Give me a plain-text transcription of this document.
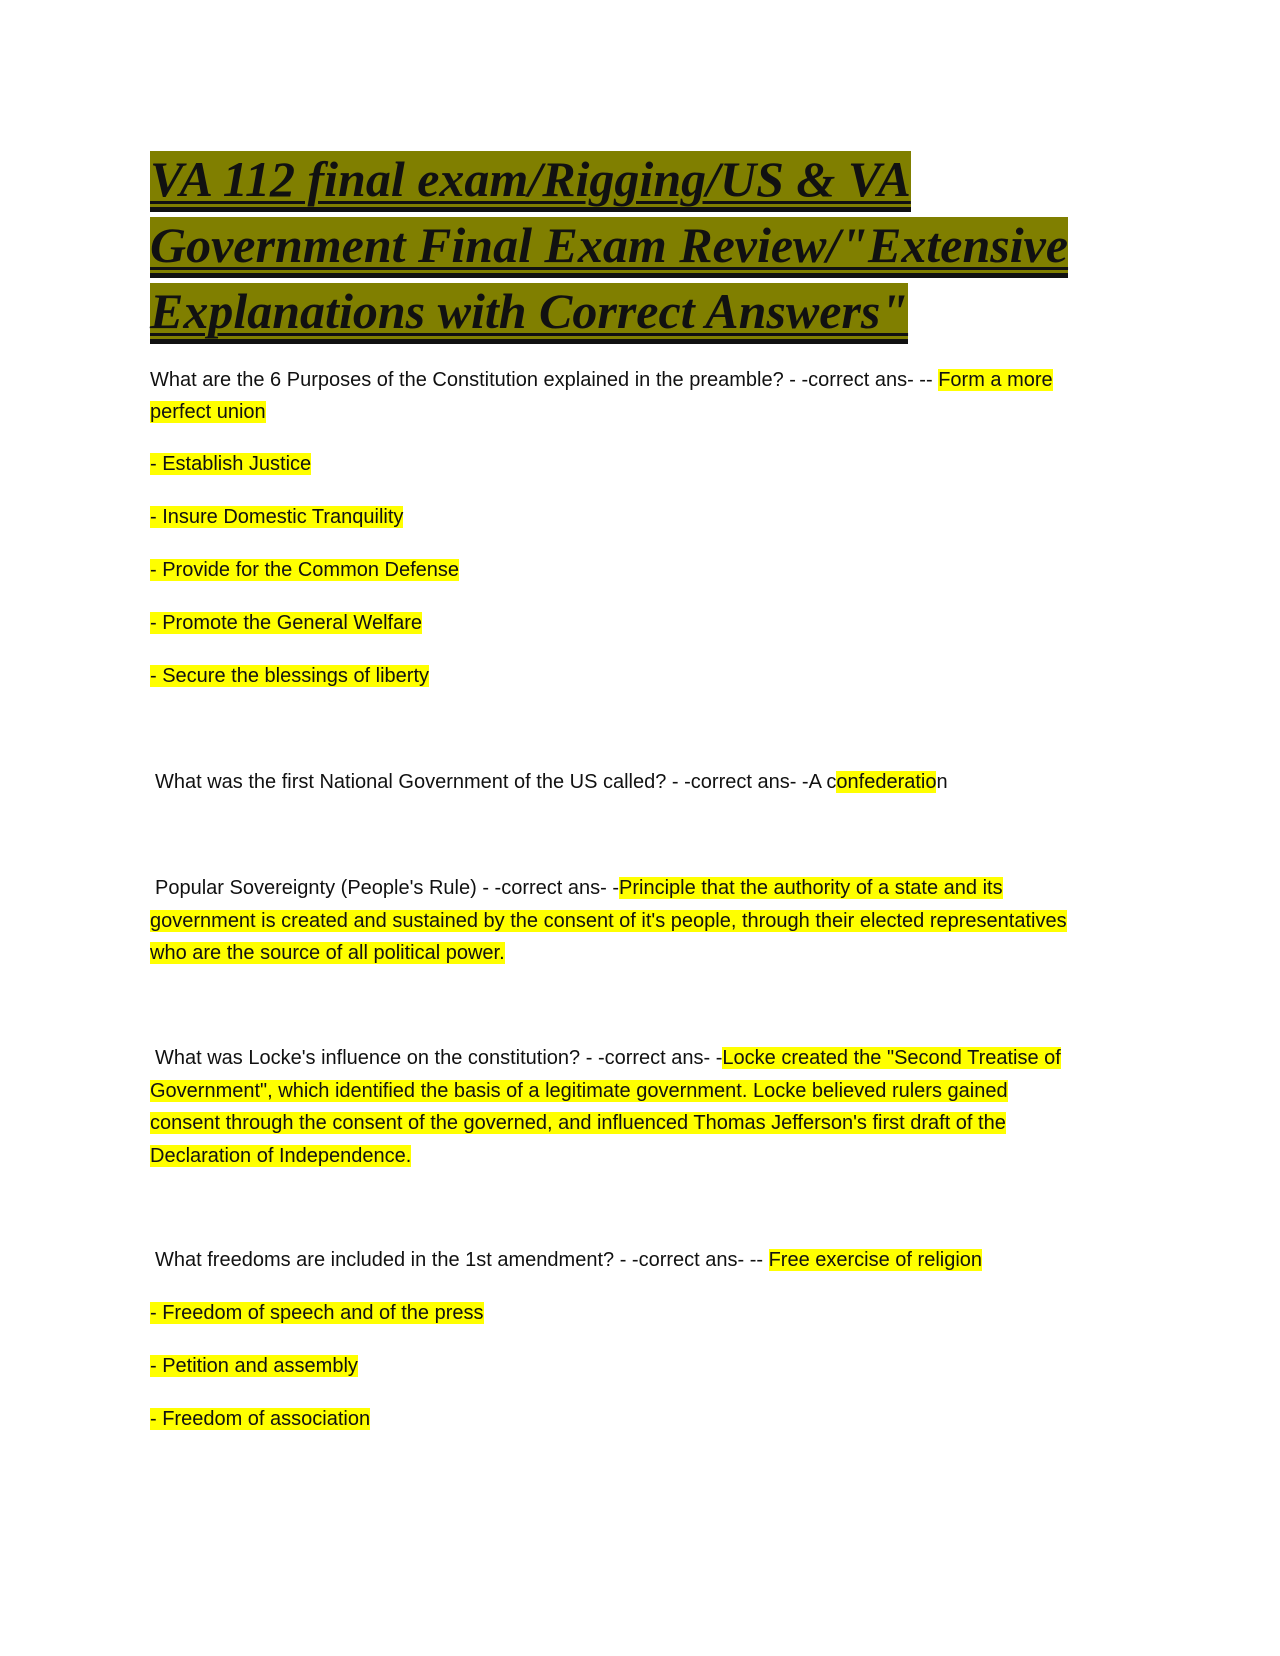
VA 112 final exam/Rigging/US & VA
Government Final Exam Review/"Extensive
Explanations with Correct Answers"

What are the 6 Purposes of the Constitution explained in the preamble? - -correct ans- -- Form a more

perfect union

- Establish Justice

- Insure Domestic Tranquility

- Provide for the Common Defense

- Promote the General Welfare

- Secure the blessings of liberty

What was the first National Government of the US called? - -correct ans- -A confederation

Popular Sovereignty (People's Rule) - -correct ans- -Principle that the authority of a state and its

government is created and sustained by the consent of it's people, through their elected representatives

who are the source of all political power.

What was Locke's influence on the constitution? - -correct ans- -Locke created the "Second Treatise of

Government", which identified the basis of a legitimate government. Locke believed rulers gained

consent through the consent of the governed, and influenced Thomas Jefferson's first draft of the

Declaration of Independence.

What freedoms are included in the 1st amendment? - -correct ans- -- Free exercise of religion

- Freedom of speech and of the press

- Petition and assembly

- Freedom of association
